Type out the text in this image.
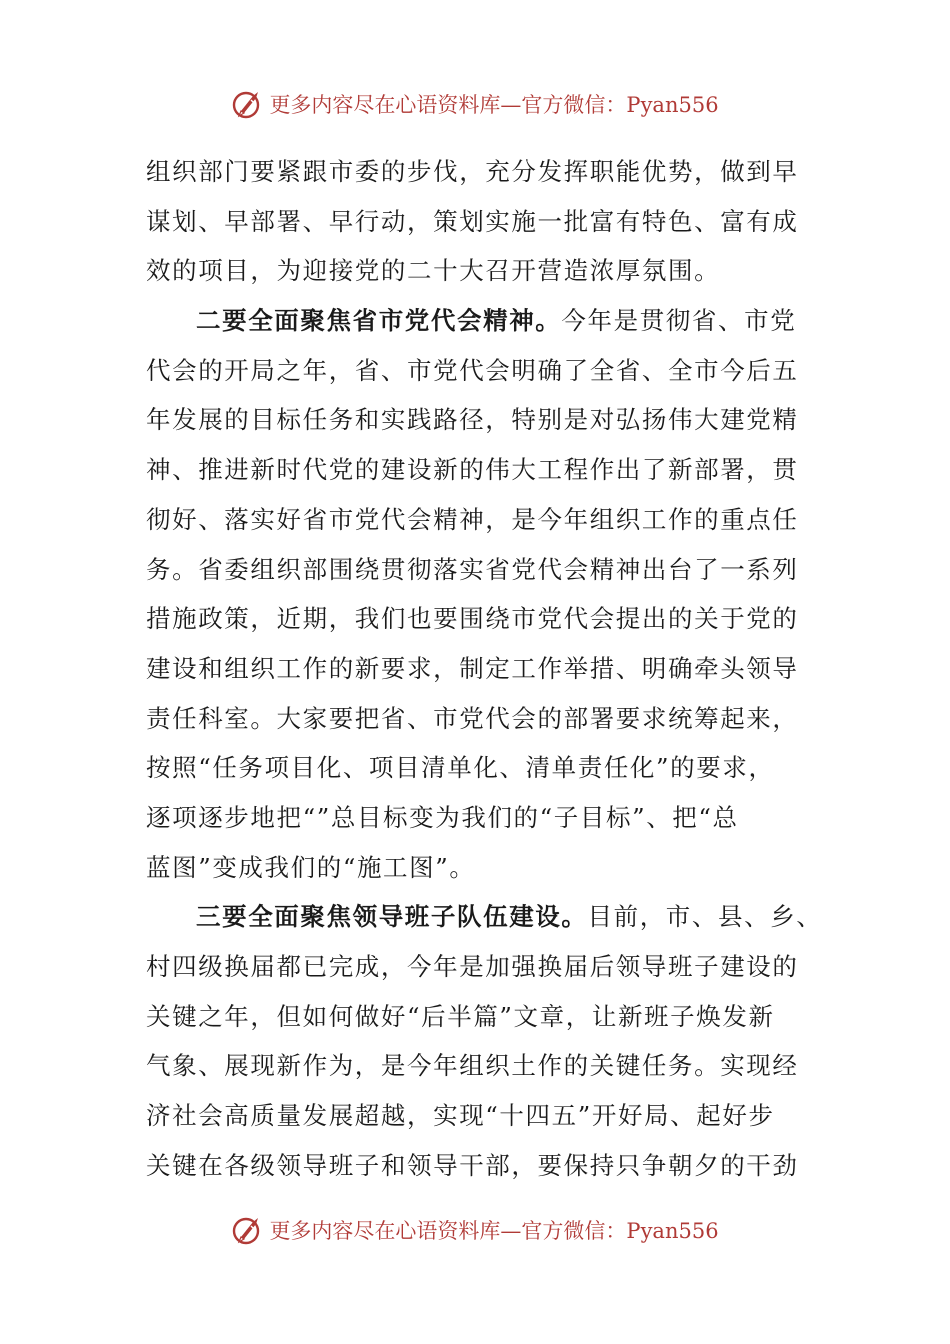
更多内容尽在心语资料库—官方微信：Pyan556
组织部门要紧跟市委的步伐，充分发挥职能优势，做到早
谋划、早部署、早行动，策划实施一批富有特色、富有成
效的项目，为迎接党的二十大召开营造浓厚氛围。
二要全面聚焦省市党代会精神。今年是贯彻省、市党
代会的开局之年，省、市党代会明确了全省、全市今后五
年发展的目标任务和实践路径，特别是对弘扬伟大建党精
神、推进新时代党的建设新的伟大工程作出了新部署，贯
彻好、落实好省市党代会精神，是今年组织工作的重点任
务。省委组织部围绕贯彻落实省党代会精神出台了一系列
措施政策，近期，我们也要围绕市党代会提出的关于党的
建设和组织工作的新要求，制定工作举措、明确牵头领导
责任科室。大家要把省、市党代会的部署要求统筹起来，
按照“任务项目化、项目清单化、清单责任化”的要求，
逐项逐步地把“”总目标变为我们的“子目标”、把“总
蓝图”变成我们的“施工图”。
三要全面聚焦领导班子队伍建设。目前，市、县、乡、
村四级换届都已完成，今年是加强换届后领导班子建设的
关键之年，但如何做好“后半篇”文章，让新班子焕发新
气象、展现新作为，是今年组织土作的关键任务。实现经
济社会高质量发展超越，实现“十四五”开好局、起好步
关键在各级领导班子和领导干部，要保持只争朝夕的干劲
更多内容尽在心语资料库—官方微信：Pyan556
